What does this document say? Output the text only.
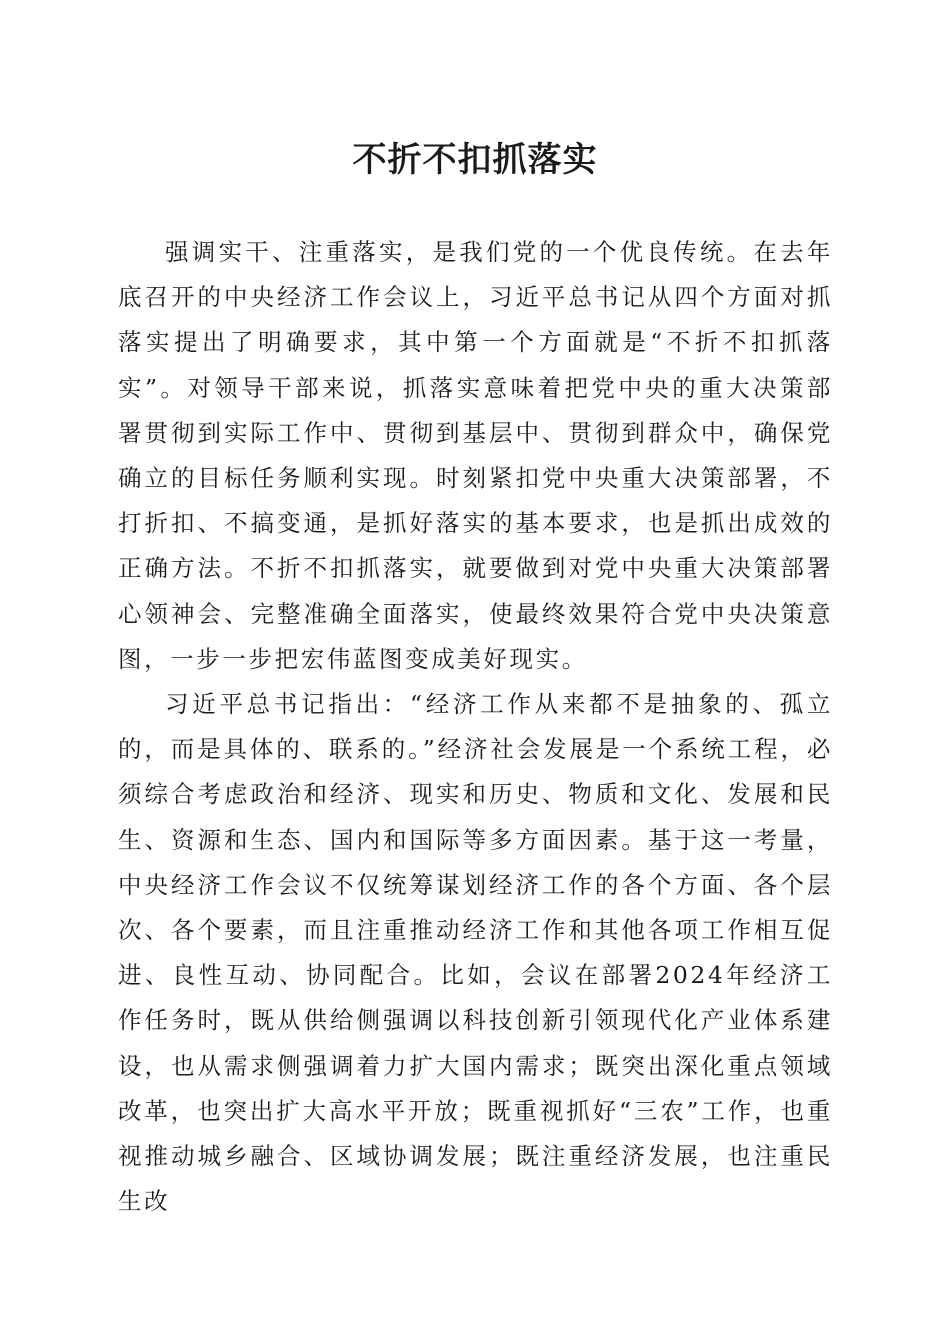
不折不扣抓落实

强调实干、注重落实，是我们党的一个优良传统。在去年底召开的中央经济工作会议上，习近平总书记从四个方面对抓落实提出了明确要求，其中第一个方面就是“不折不扣抓落实”。对领导干部来说，抓落实意味着把党中央的重大决策部署贯彻到实际工作中、贯彻到基层中、贯彻到群众中，确保党确立的目标任务顺利实现。时刻紧扣党中央重大决策部署，不打折扣、不搞变通，是抓好落实的基本要求，也是抓出成效的正确方法。不折不扣抓落实，就要做到对党中央重大决策部署心领神会、完整准确全面落实，使最终效果符合党中央决策意图，一步一步把宏伟蓝图变成美好现实。

习近平总书记指出：“经济工作从来都不是抽象的、孤立的，而是具体的、联系的。”经济社会发展是一个系统工程，必须综合考虑政治和经济、现实和历史、物质和文化、发展和民生、资源和生态、国内和国际等多方面因素。基于这一考量，中央经济工作会议不仅统筹谋划经济工作的各个方面、各个层次、各个要素，而且注重推动经济工作和其他各项工作相互促进、良性互动、协同配合。比如，会议在部署2024年经济工作任务时，既从供给侧强调以科技创新引领现代化产业体系建设，也从需求侧强调着力扩大国内需求；既突出深化重点领域改革，也突出扩大高水平开放；既重视抓好“三农”工作，也重视推动城乡融合、区域协调发展；既注重经济发展，也注重民生改
